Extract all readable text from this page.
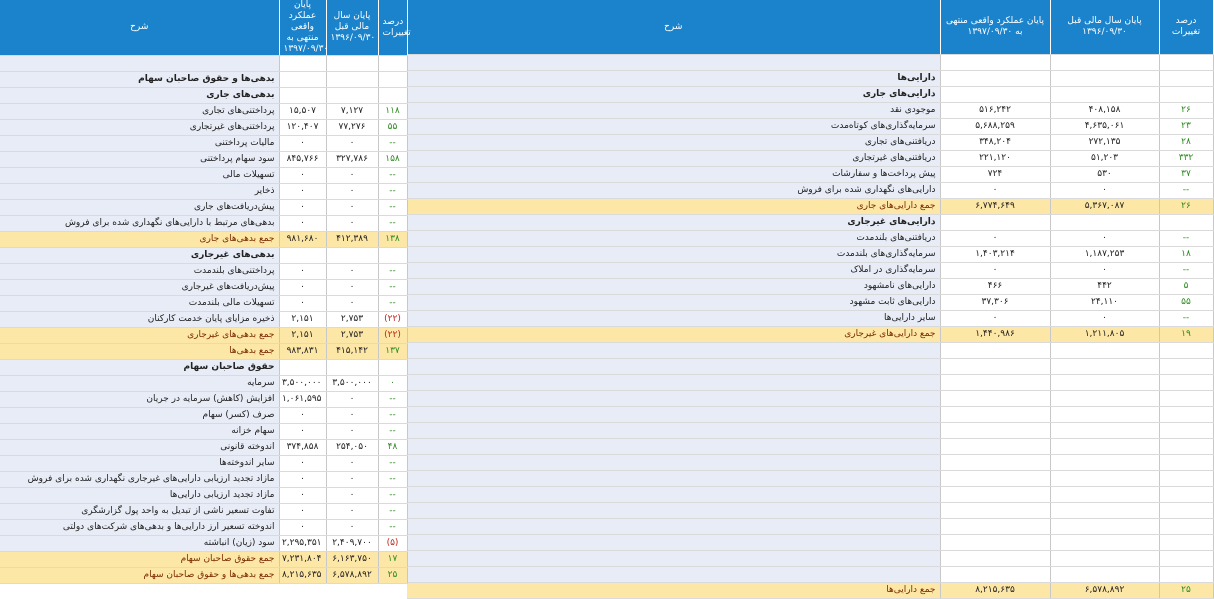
شرح	پایان عملکرد واقعی منتهی به ۱۳۹۷/۰۹/۳۰	پایان سال مالی قبل ۱۳۹۶/۰۹/۳۰	درصد تغییرات

دارایی‌ها			
دارایی‌های جاری			
موجودی نقد	۵۱۶,۲۴۲	۴۰۸,۱۵۸	۲۶
سرمایه‌گذاری‌های کوتاه‌مدت	۵,۶۸۸,۲۵۹	۴,۶۳۵,۰۶۱	۲۳
دریافتنی‌های تجاری	۳۴۸,۲۰۴	۲۷۲,۱۳۵	۲۸
دریافتنی‌های غیرتجاری	۲۲۱,۱۲۰	۵۱,۲۰۳	۳۳۲
پیش پرداخت‌ها و سفارشات	۷۲۴	۵۳۰	۳۷
دارایی‌های نگهداری شده برای فروش	۰	۰	--
جمع دارایی‌های جاری	۶,۷۷۴,۶۴۹	۵,۳۶۷,۰۸۷	۲۶
دارایی‌های غیرجاری			
دریافتنی‌های بلندمدت	۰	۰	--
سرمایه‌گذاری‌های بلندمدت	۱,۴۰۳,۲۱۴	۱,۱۸۷,۲۵۳	۱۸
سرمایه‌گذاری در املاک	۰	۰	--
دارایی‌های نامشهود	۴۶۶	۴۴۲	۵
دارایی‌های ثابت مشهود	۳۷,۳۰۶	۲۴,۱۱۰	۵۵
سایر دارایی‌ها	۰	۰	--
جمع دارایی‌های غیرجاری	۱,۴۴۰,۹۸۶	۱,۲۱۱,۸۰۵	۱۹

جمع دارایی‌ها	۸,۲۱۵,۶۳۵	۶,۵۷۸,۸۹۲	۲۵
شرح	پایان عملکرد واقعی منتهی به ۱۳۹۷/۰۹/۳۰	پایان سال مالی قبل ۱۳۹۶/۰۹/۳۰	درصد تغییرات

بدهی‌ها و حقوق صاحبان سهام			
بدهی‌های جاری			
پرداختنی‌های تجاری	۱۵,۵۰۷	۷,۱۲۷	۱۱۸
پرداختنی‌های غیرتجاری	۱۲۰,۴۰۷	۷۷,۲۷۶	۵۵
مالیات پرداختنی	۰	۰	--
سود سهام پرداختنی	۸۴۵,۷۶۶	۳۲۷,۷۸۶	۱۵۸
تسهیلات مالی	۰	۰	--
ذخایر	۰	۰	--
پیش‌دریافت‌های جاری	۰	۰	--
بدهی‌های مرتبط با دارایی‌های نگهداری شده برای فروش	۰	۰	--
جمع بدهی‌های جاری	۹۸۱,۶۸۰	۴۱۲,۳۸۹	۱۳۸
بدهی‌های غیرجاری			
پرداختنی‌های بلندمدت	۰	۰	--
پیش‌دریافت‌های غیرجاری	۰	۰	--
تسهیلات مالی بلندمدت	۰	۰	--
ذخیره مزایای پایان خدمت کارکنان	۲,۱۵۱	۲,۷۵۳	(۲۲)
جمع بدهی‌های غیرجاری	۲,۱۵۱	۲,۷۵۳	(۲۲)
جمع بدهی‌ها	۹۸۳,۸۳۱	۴۱۵,۱۴۲	۱۳۷
حقوق صاحبان سهام			
سرمایه	۳,۵۰۰,۰۰۰	۳,۵۰۰,۰۰۰	۰
افزایش (کاهش) سرمایه در جریان	۱,۰۶۱,۵۹۵	۰	--
صرف (کسر) سهام	۰	۰	--
سهام خزانه	۰	۰	--
اندوخته قانونی	۳۷۴,۸۵۸	۲۵۴,۰۵۰	۴۸
سایر اندوخته‌ها	۰	۰	--
مازاد تجدید ارزیابی دارایی‌های غیرجاری نگهداری شده برای فروش	۰	۰	--
مازاد تجدید ارزیابی دارایی‌ها	۰	۰	--
تفاوت تسعیر ناشی از تبدیل به واحد پول گزارشگری	۰	۰	--
اندوخته تسعیر ارز دارایی‌ها و بدهی‌های شرکت‌های دولتی	۰	۰	--
سود (زیان) انباشته	۲,۲۹۵,۳۵۱	۲,۴۰۹,۷۰۰	(۵)
جمع حقوق صاحبان سهام	۷,۲۳۱,۸۰۴	۶,۱۶۳,۷۵۰	۱۷
جمع بدهی‌ها و حقوق صاحبان سهام	۸,۲۱۵,۶۳۵	۶,۵۷۸,۸۹۲	۲۵
